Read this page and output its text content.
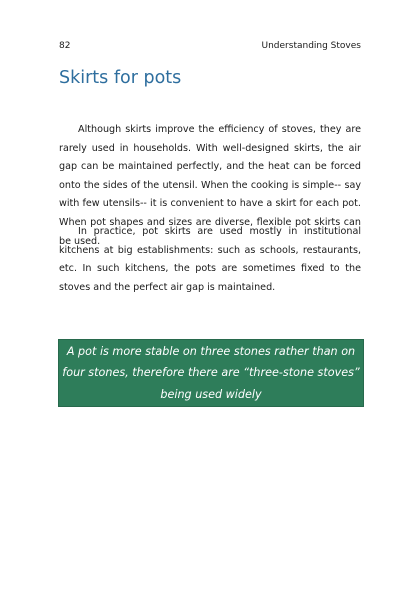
82	Understanding Stoves
Skirts for pots

Although skirts improve the efficiency of stoves, they are rarely used in households. With well-designed skirts, the air gap can be maintained perfectly, and the heat can be forced onto the sides of the utensil. When the cooking is simple-- say with few utensils-- it is convenient to have a skirt for each pot. When pot shapes and sizes are diverse, flexible pot skirts can be used.

In practice, pot skirts are used mostly in institutional kitchens at big establishments: such as schools, restaurants, etc. In such kitchens, the pots are sometimes fixed to the stoves and the perfect air gap is maintained.

A pot is more stable on three stones rather than on four stones, therefore there are “three-stone stoves” being used widely
